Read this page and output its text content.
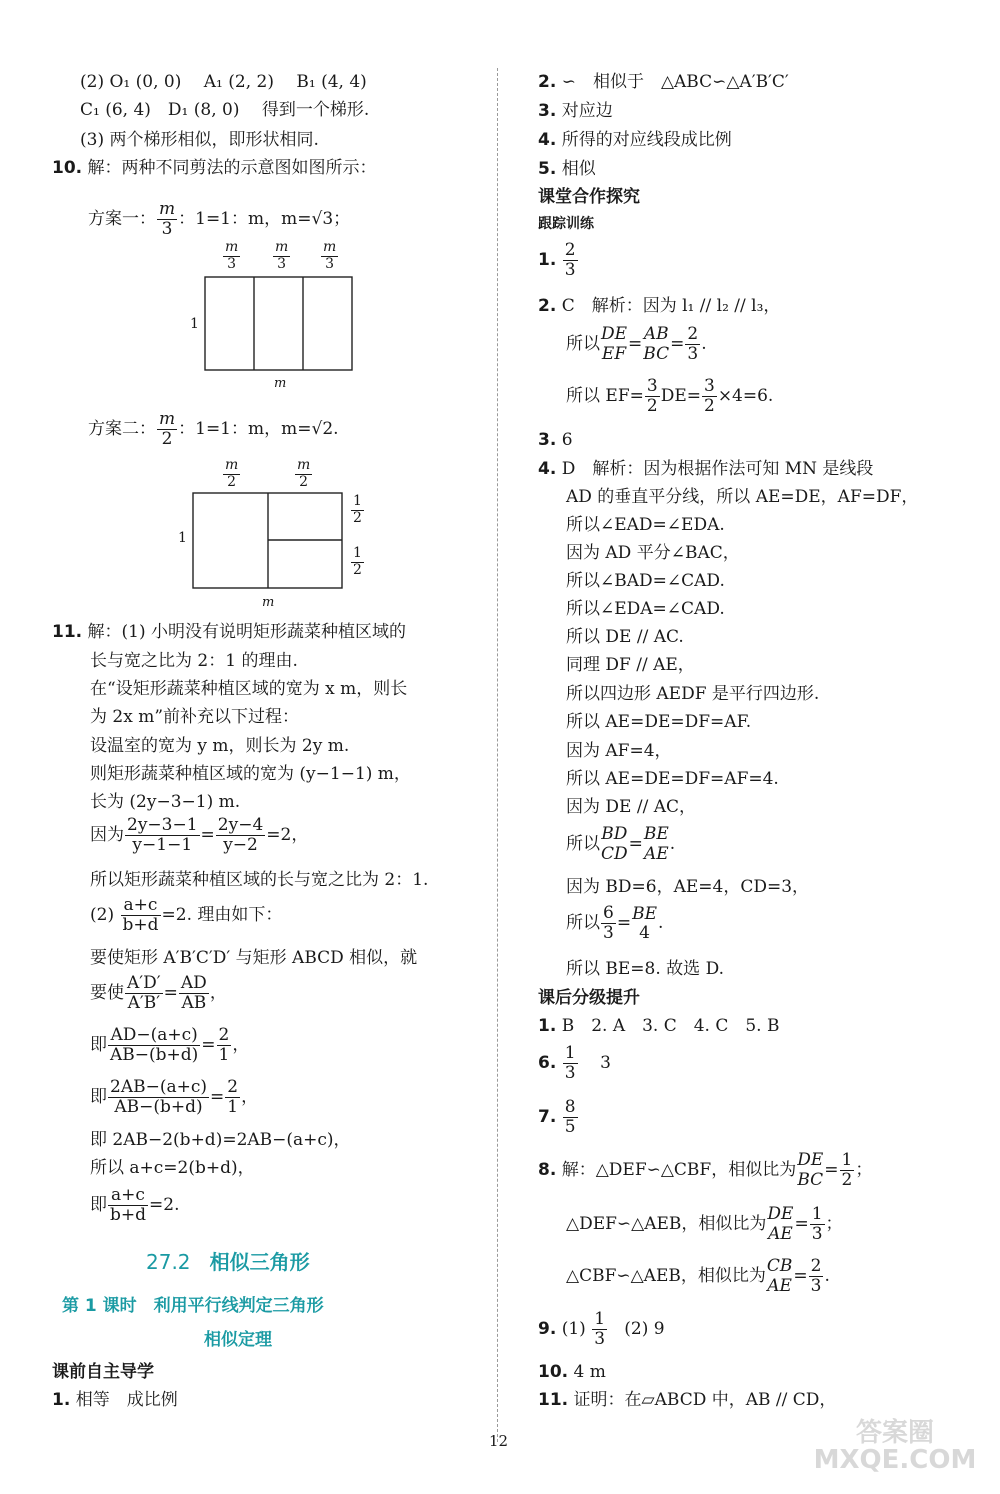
(2) O₁ (0, 0)　 A₁ (2, 2)　 B₁ (4, 4)
C₁ (6, 4)　D₁ (8, 0)　 得到一个梯形.
(3) 两个梯形相似，即形状相同.
10. 解：两种不同剪法的示意图如图所示：
方案一： $\frac{m}{3}$ ：1=1：m，m=√3；
$\frac{m}{3} \frac{m}{3} \frac{m}{3}$
1
m
方案二： $\frac{m}{2}$ ：1=1：m，m=√2.
$\frac{m}{2}$	$\frac{m}{2}$
1
$\frac{1}{2}$
$\frac{1}{2}$
m
11. 解：(1) 小明没有说明矩形蔬菜种植区域的
长与宽之比为 2：1 的理由.
在“设矩形蔬菜种植区域的宽为 x m，则长
为 2x m”前补充以下过程：
设温室的宽为 y m，则长为 2y m.
则矩形蔬菜种植区域的宽为 (y−1−1) m，
长为 (2y−3−1) m.
因为 $\frac{2y-3-1}{y-1-1} = \frac{2y-4}{y-2} =2$，
所以矩形蔬菜种植区域的长与宽之比为 2：1.
$(2) \frac{a+c}{b+d} =2$. 理由如下：
要使矩形 A′B′C′D′ 与矩形 ABCD 相似，就
要使 $\frac{A'D'}{A'B'} = \frac{AD}{AB}$ ，
即 $\frac{AD-(a+c)}{AB-(b+d)} = \frac{2}{1}$ ，
即 $\frac{2AB-(a+c)}{AB-(b+d)} = \frac{2}{1}$ ，
即 2AB−2(b+d)=2AB−(a+c)，
所以 a+c=2(b+d)，
即 $\frac{a+c}{b+d} =2$.
27.2 相似三角形
第 1 课时　利用平行线判定三角形
相似定理
课前自主导学
1. 相等　成比例
2. ∽　相似于　△ABC∽△A′B′C′
3. 对应边
4. 所得的对应线段成比例
5. 相似
课堂合作探究
跟踪训练
1. $\frac{2}{3}$
2. C　解析：因为 l₁ // l₂ // l₃，
所以 DE
EF
= AB
BC
= $\frac{2}{3}$ .
所以 $EF= \frac{3}{2} DE= \frac{3}{2} \times 4=6$.
3. 6
4. D　解析：因为根据作法可知 MN 是线段
AD 的垂直平分线，所以 AE=DE，AF=DF，
所以∠EAD=∠EDA.
因为 AD 平分∠BAC，
所以∠BAD=∠CAD.
所以∠EDA=∠CAD.
所以 DE // AC.
同理 DF // AE，
所以四边形 AEDF 是平行四边形.
所以 AE=DE=DF=AF.
因为 AF=4，
所以 AE=DE=DF=AF=4.
因为 DE // AC，
所以 BD
CD
= BE
AE
.
因为 BD=6，AE=4，CD=3，
所以 $\frac{6}{3}$ = BE
4
.
所以 BE=8. 故选 D.
课后分级提升
1. B　2. A　3. C　4. C　5. B
6. $\frac{1}{3} 3$
7. $\frac{8}{5}$
8. 解：△DEF∽△CBF，相似比为 DE
BC
= $\frac{1}{2}$ ；
△DEF∽△AEB，相似比为 DE
AE
= $\frac{1}{3}$ ；
△CBF∽△AEB，相似比为 CB
AE
= $\frac{2}{3}$ .
9. $(1) \frac{1}{3} (2)$ 9
10. 4 m
11. 证明：在▱ABCD 中，AB // CD，
12	答案圈 MXQE.COM
